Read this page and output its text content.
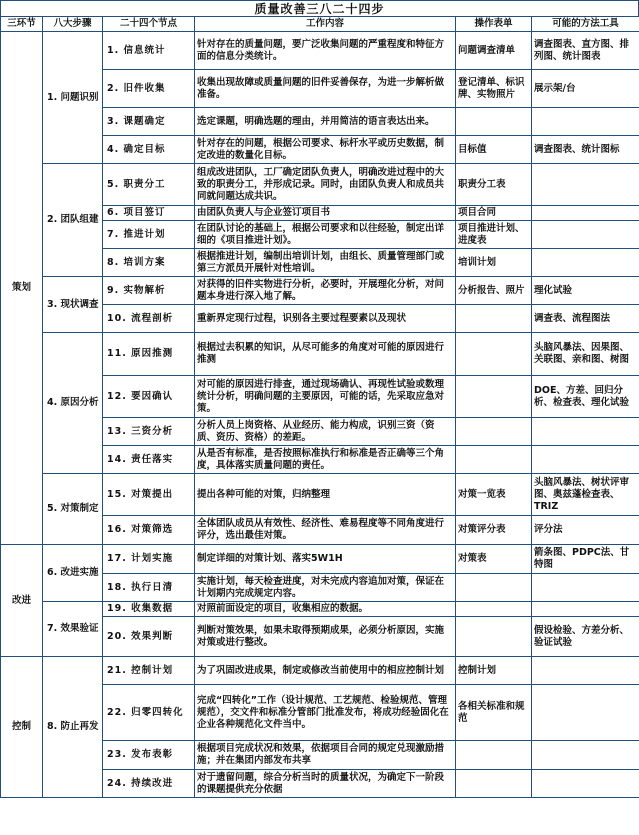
质量改善三八二十四步
三环节	八大步骤	二十四个节点	工作内容	操作表单	可能的方法工具
策划	1. 问题识别	1. 信息统计	针对存在的质量问题，要广泛收集问题的严重程度和特征方面的信息分类统计。	问题调查清单	调查图表、直方图、排列图、统计图表
		2. 旧件收集	收集出现故障或质量问题的旧件妥善保存，为进一步解析做准备。	登记清单、标识牌、实物照片	展示架/台
		3. 课题确定	选定课题，明确选题的理由，并用简洁的语言表达出来。		
		4. 确定目标	针对存在的问题，根据公司要求、标杆水平或历史数据，制定改进的数量化目标。	目标值	调查图表、统计图标
	2. 团队组建	5. 职责分工	组成改进团队，工厂确定团队负责人，明确改进过程中的大致的职责分工，并形成记录。同时，由团队负责人和成员共同就问题达成共识。	职责分工表	
		6. 项目签订	由团队负责人与企业签订项目书	项目合同	
		7. 推进计划	在团队讨论的基础上，根据公司要求和以往经验，制定出详细的《项目推进计划》。	项目推进计划、进度表	
		8. 培训方案	根据推进计划，编制出培训计划，由组长、质量管理部门或第三方派员开展针对性培训。	培训计划	
	3. 现状调查	9. 实物解析	对获得的旧件实物进行分析，必要时，开展理化分析，对问题本身进行深入地了解。	分析报告、照片	理化试验
		10. 流程剖析	重新界定现行过程，识别各主要过程要素以及现状		调查表、流程图法
	4. 原因分析	11. 原因推测	根据过去积累的知识，从尽可能多的角度对可能的原因进行推测		头脑风暴法、因果图、关联图、亲和图、树图
		12. 要因确认	对可能的原因进行排查，通过现场确认、再现性试验或数理统计分析，明确问题的主要原因，可能的话，先采取应急对策。		DOE、方差、回归分析、检查表、理化试验
		13. 三资分析	分析人员上岗资格、从业经历、能力构成，识别三资（资质、资历、资格）的差距。		
		14. 责任落实	从是否有标准，是否按照标准执行和标准是否正确等三个角度，具体落实质量问题的责任。		
	5. 对策制定	15. 对策提出	提出各种可能的对策，归纳整理	对策一览表	头脑风暴法、树状评审图、奥兹蓬检查表、TRIZ
		16. 对策筛选	全体团队成员从有效性、经济性、难易程度等不同角度进行评分，选出最佳对策。	对策评分表	评分法
改进	6. 改进实施	17. 计划实施	制定详细的对策计划、落实5W1H	对策表	箭条图、PDPC法、甘特图
		18. 执行日清	实施计划，每天检查进度，对未完成内容追加对策，保证在计划期内完成规定内容。		
	7. 效果验证	19. 收集数据	对照前面设定的项目，收集相应的数据。		
		20. 效果判断	判断对策效果，如果未取得预期成果，必须分析原因，实施对策或进行整改。		假设检验、方差分析、验证试验
控制	8. 防止再发	21. 控制计划	为了巩固改进成果，制定或修改当前使用中的相应控制计划	控制计划	
		22. 归零四转化	完成“四转化”工作（设计规范、工艺规范、检验规范、管理规范），交文件和标准分管部门批准发布，将成功经验固化在企业各种规范化文件当中。	各相关标准和规范	
		23. 发布表彰	根据项目完成状况和效果，依据项目合同的规定兑现激励措施；并在集团内部发布共享		
		24. 持续改进	对于遗留问题，综合分析当时的质量状况，为确定下一阶段的课题提供充分依据		
